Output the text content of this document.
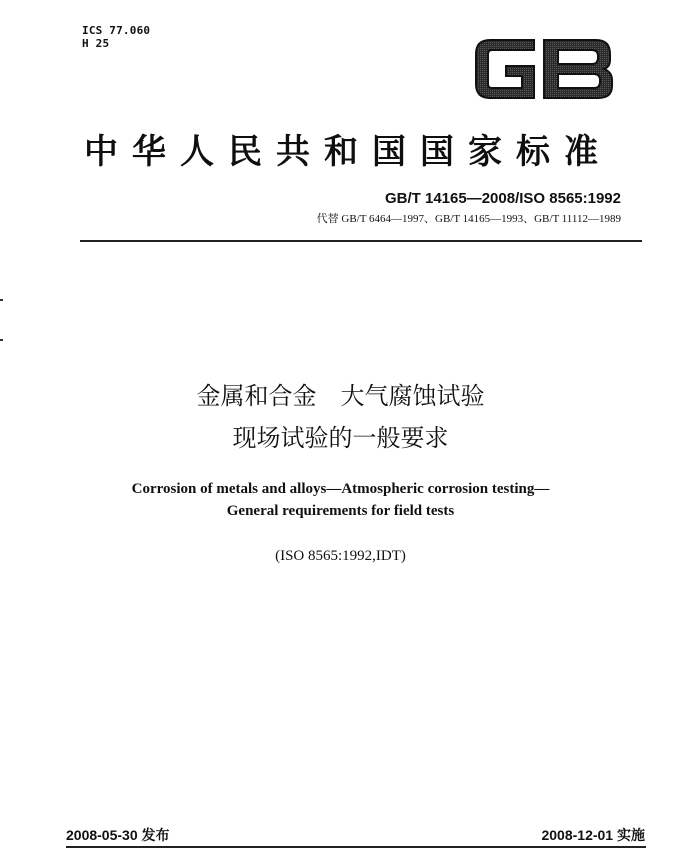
ICS 77.060
H 25
GB
中华人民共和国国家标准
GB/T 14165—2008/ISO 8565:1992
代替 GB/T 6464—1997、GB/T 14165—1993、GB/T 11112—1989
金属和合金　大气腐蚀试验
现场试验的一般要求
Corrosion of metals and alloys—Atmospheric corrosion testing—
General requirements for field tests
(ISO 8565:1992,IDT)
2008-05-30 发布	2008-12-01 实施
